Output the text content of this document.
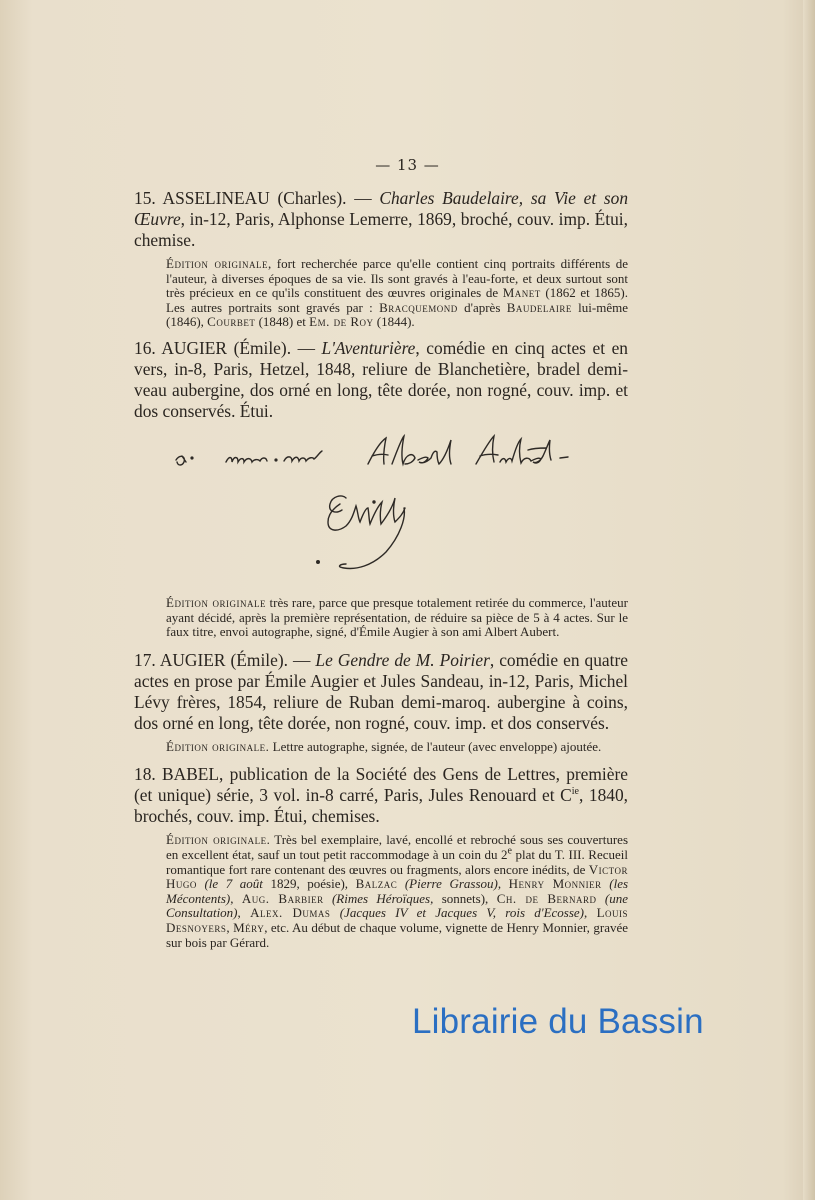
— 13 —

15. ASSELINEAU (Charles). — Charles Baudelaire, sa Vie et son Œuvre, in-12, Paris, Alphonse Lemerre, 1869, broché, couv. imp. Étui, chemise.

Édition originale, fort recherchée parce qu'elle contient cinq portraits différents de l'auteur, à diverses époques de sa vie. Ils sont gravés à l'eau-forte, et deux surtout sont très précieux en ce qu'ils constituent des œuvres originales de Manet (1862 et 1865). Les autres portraits sont gravés par : Bracquemond d'après Baudelaire lui-même (1846), Courbet (1848) et Em. de Roy (1844).

16. AUGIER (Émile). — L'Aventurière, comédie en cinq actes et en vers, in-8, Paris, Hetzel, 1848, reliure de Blanchetière, bradel demi-veau aubergine, dos orné en long, tête dorée, non rogné, couv. imp. et dos conservés. Étui.

Édition originale très rare, parce que presque totalement retirée du commerce, l'auteur ayant décidé, après la première représentation, de réduire sa pièce de 5 à 4 actes. Sur le faux titre, envoi autographe, signé, d'Émile Augier à son ami Albert Aubert.

17. AUGIER (Émile). — Le Gendre de M. Poirier, comédie en quatre actes en prose par Émile Augier et Jules Sandeau, in-12, Paris, Michel Lévy frères, 1854, reliure de Ruban demi-maroq. aubergine à coins, dos orné en long, tête dorée, non rogné, couv. imp. et dos conservés.

Édition originale. Lettre autographe, signée, de l'auteur (avec enveloppe) ajoutée.

18. BABEL, publication de la Société des Gens de Lettres, première (et unique) série, 3 vol. in-8 carré, Paris, Jules Renouard et $C^{ie}$, 1840, brochés, couv. imp. Étui, chemises.

Édition originale. Très bel exemplaire, lavé, encollé et rebroché sous ses couvertures en excellent état, sauf un tout petit raccommodage à un coin du 2e plat du T. III. Recueil romantique fort rare contenant des œuvres ou fragments, alors encore inédits, de Victor Hugo (le 7 août 1829, poésie), Balzac (Pierre Grassou), Henry Monnier (les Mécontents), Aug. Barbier (Rimes Héroïques, sonnets), Ch. de Bernard (une Consultation), Alex. Dumas (Jacques IV et Jacques V, rois d'Ecosse), Louis Desnoyers, Méry, etc. Au début de chaque volume, vignette de Henry Monnier, gravée sur bois par Gérard.

Librairie du Bassin
